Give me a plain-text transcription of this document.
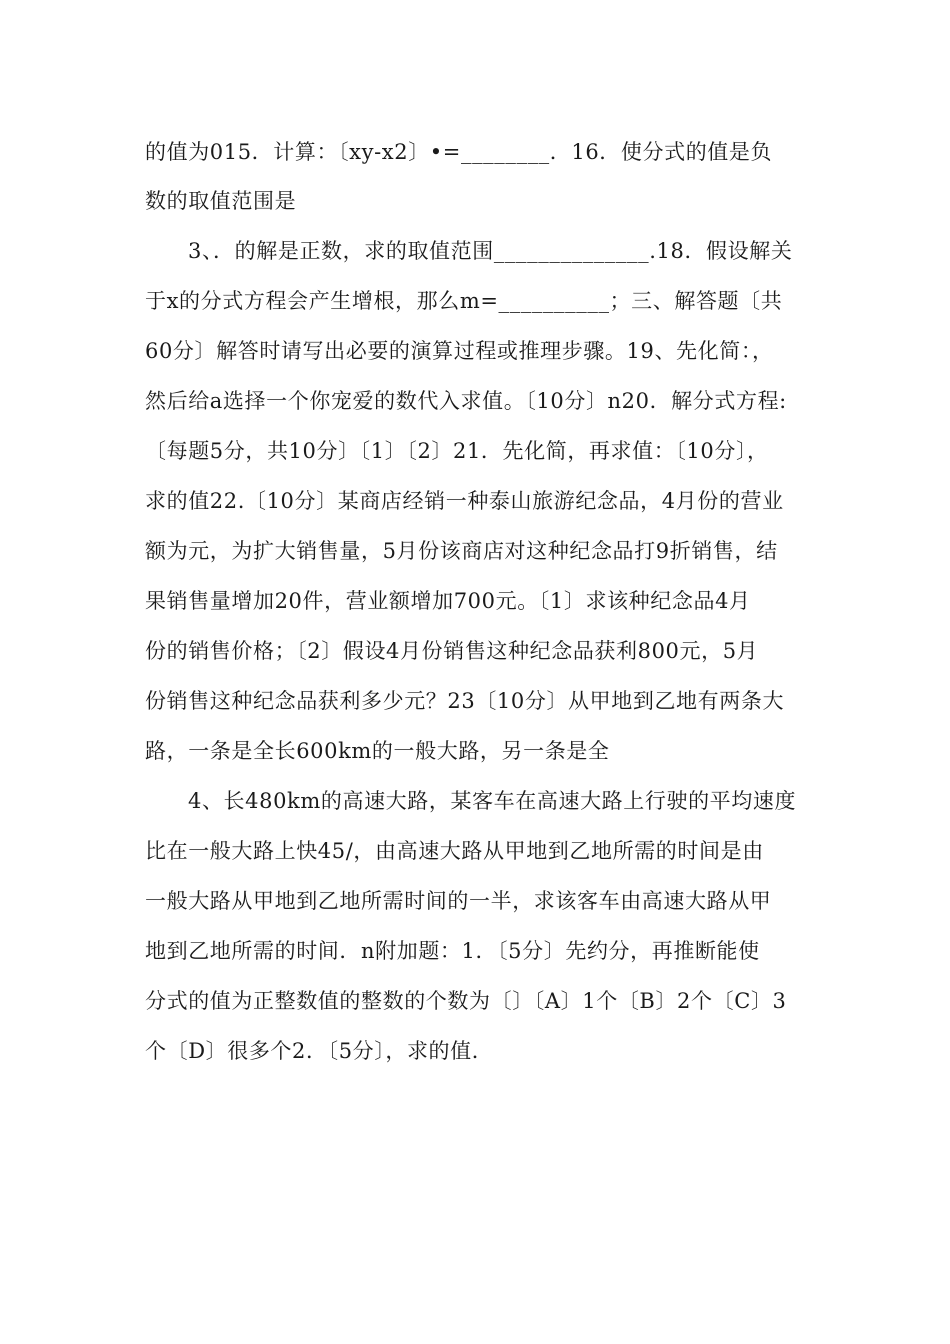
的值为015．计算：〔xy-x2〕•=________．16．使分式的值是负
数的取值范围是
3、．的解是正数，求的取值范围______________.18．假设解关
于x的分式方程会产生增根，那么m=__________；三、解答题〔共
60分〕解答时请写出必要的演算过程或推理步骤。19、先化简：，
然后给a选择一个你宠爱的数代入求值。〔10分〕n20．解分式方程:
〔每题5分，共10分〕〔1〕〔2〕21．先化简，再求值：〔10分〕，
求的值22.〔10分〕某商店经销一种泰山旅游纪念品，4月份的营业
额为元，为扩大销售量，5月份该商店对这种纪念品打9折销售，结
果销售量增加20件，营业额增加700元。〔1〕求该种纪念品4月
份的销售价格；〔2〕假设4月份销售这种纪念品获利800元，5月
份销售这种纪念品获利多少元？23〔10分〕从甲地到乙地有两条大
路，一条是全长600km的一般大路，另一条是全
4、长480km的高速大路，某客车在高速大路上行驶的平均速度
比在一般大路上快45/，由高速大路从甲地到乙地所需的时间是由
一般大路从甲地到乙地所需时间的一半，求该客车由高速大路从甲
地到乙地所需的时间．n附加题：1．〔5分〕先约分，再推断能使
分式的值为正整数值的整数的个数为〔〕〔A〕1个〔B〕2个〔C〕3
个〔D〕很多个2．〔5分〕，求的值．
